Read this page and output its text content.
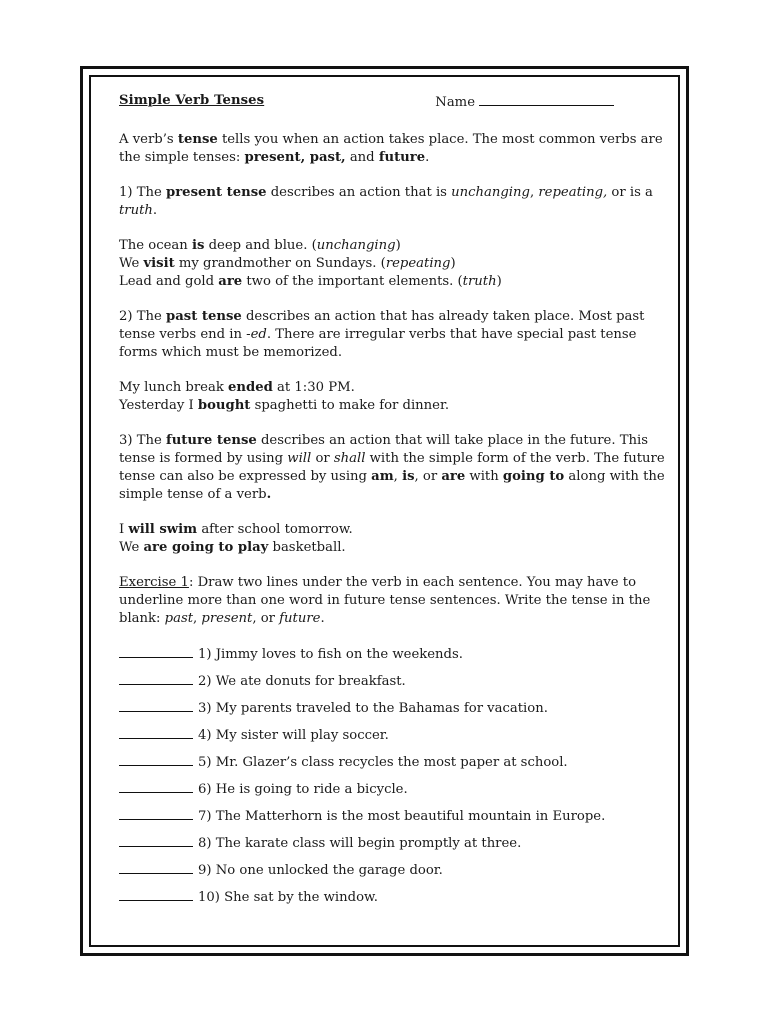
Simple Verb Tenses	Name

A verb’s tense tells you when an action takes place. The most common verbs are the simple tenses: present, past, and future.

1) The present tense describes an action that is unchanging, repeating, or is a truth.

The ocean is deep and blue. (unchanging)

We visit my grandmother on Sundays. (repeating)

Lead and gold are two of the important elements. (truth)

2) The past tense describes an action that has already taken place. Most past tense verbs end in -ed. There are irregular verbs that have special past tense forms which must be memorized.

My lunch break ended at 1:30 PM.

Yesterday I bought spaghetti to make for dinner.

3) The future tense describes an action that will take place in the future. This tense is formed by using will or shall with the simple form of the verb. The future tense can also be expressed by using am, is, or are with going to along with the simple tense of a verb.

I will swim after school tomorrow.

We are going to play basketball.

Exercise 1: Draw two lines under the verb in each sentence. You may have to underline more than one word in future tense sentences. Write the tense in the blank: past, present, or future.

1) Jimmy loves to fish on the weekends.
2) We ate donuts for breakfast.
3) My parents traveled to the Bahamas for vacation.
4) My sister will play soccer.
5) Mr. Glazer’s class recycles the most paper at school.
6) He is going to ride a bicycle.
7) The Matterhorn is the most beautiful mountain in Europe.
8) The karate class will begin promptly at three.
9) No one unlocked the garage door.
10) She sat by the window.
